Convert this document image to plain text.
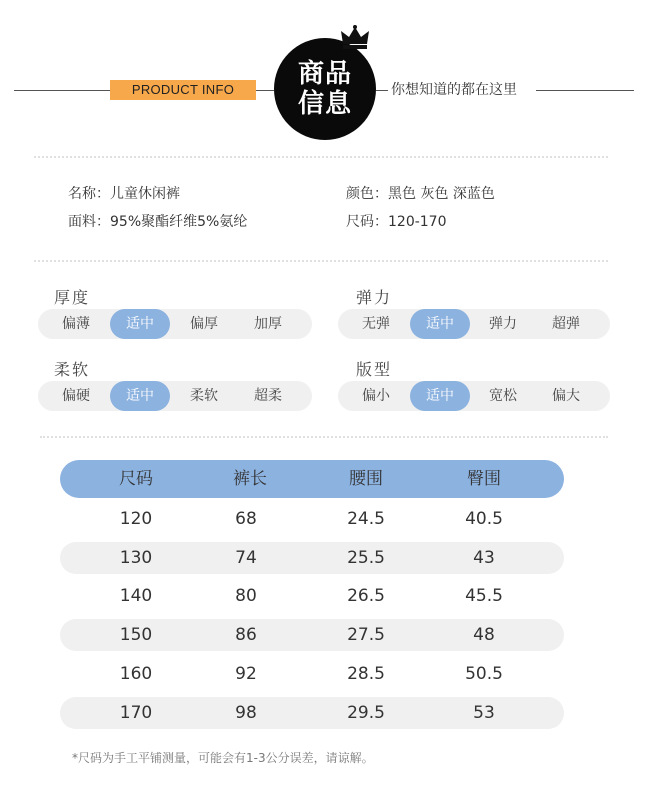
PRODUCT INFO
商品
信息	你想知道的都在这里
名称：儿童休闲裤
面料：95%聚酯纤维5%氨纶
颜色：黑色 灰色 深蓝色
尺码：120-170
厚度
偏薄	适中	偏厚	加厚
弹力
无弹	适中	弹力	超弹
柔软
偏硬	适中	柔软	超柔
版型
偏小	适中	宽松	偏大
尺码	裤长	腰围	臀围
120	68	24.5	40.5
130	74	25.5	43
140	80	26.5	45.5
150	86	27.5	48
160	92	28.5	50.5
170	98	29.5	53
*尺码为手工平铺测量，可能会有1-3公分误差，请谅解。
